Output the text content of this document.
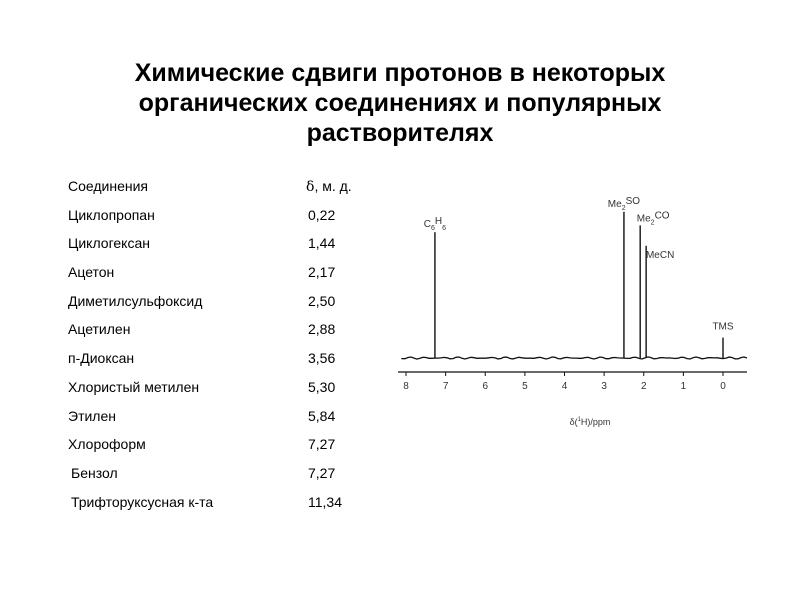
Химические сдвиги протонов в некоторых
органических соединениях и популярных
растворителях
Соединения	δ, м. д.
Циклопропан	0,22
Циклогексан	1,44
Ацетон	2,17
Диметилсульфоксид	2,50
Ацетилен	2,88
п-Диоксан	3,56
Хлористый метилен	5,30
Этилен	5,84
Хлороформ	7,27
Бензол	7,27
Трифторуксусная к-та	11,34
$C_6H_6$
$Me_2SO$
$Me_2CO$
MeCN
TMS
8	7	6	5	4	3	2	1	0
δ($^1$H)/ppm
